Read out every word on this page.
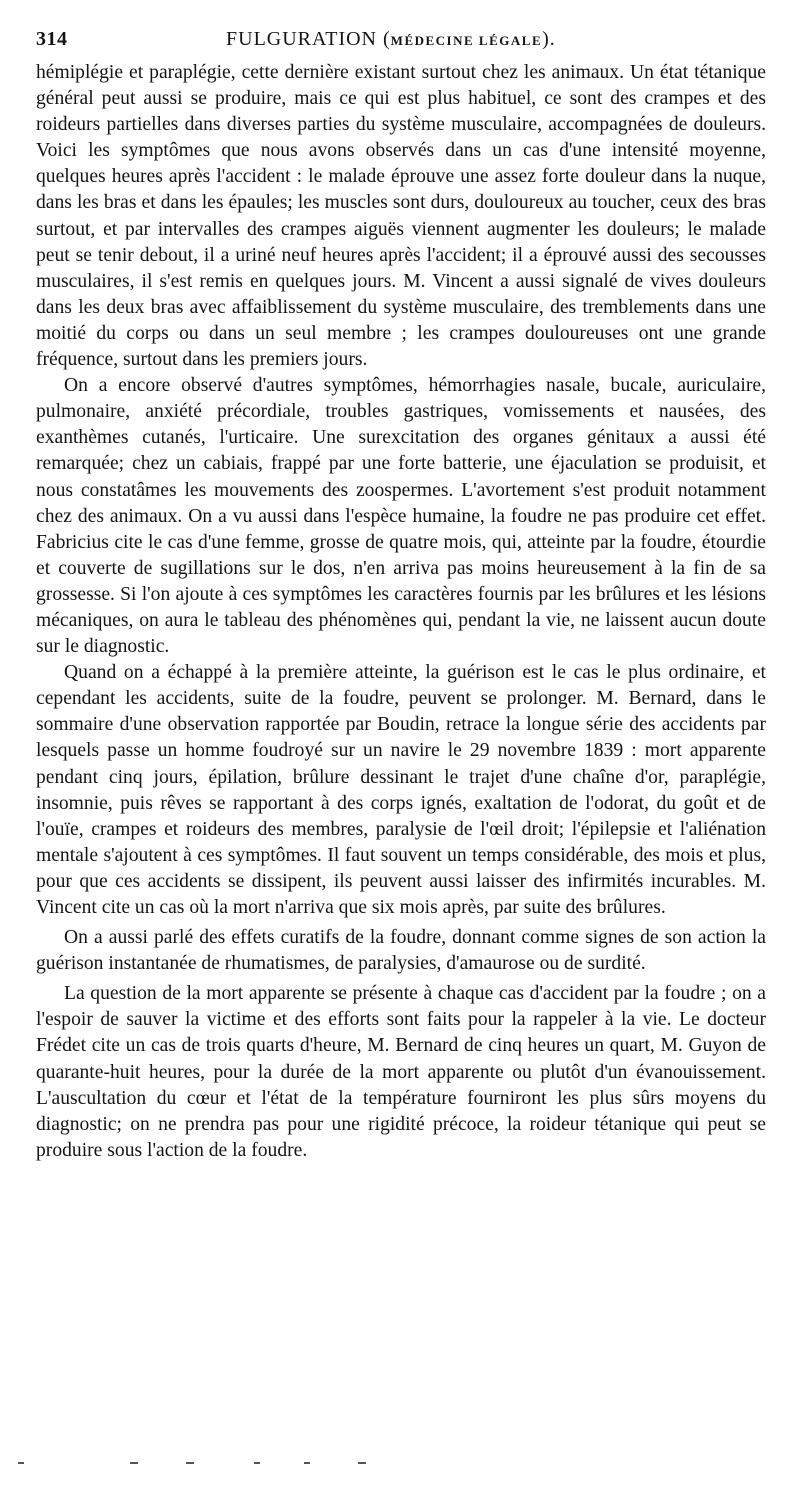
314	FULGURATION (MÉDECINE LÉGALE).

hémiplégie et paraplégie, cette dernière existant surtout chez les animaux. Un état tétanique général peut aussi se produire, mais ce qui est plus habituel, ce sont des crampes et des roideurs partielles dans diverses parties du système musculaire, accompagnées de douleurs. Voici les symptômes que nous avons observés dans un cas d'une intensité moyenne, quelques heures après l'accident : le malade éprouve une assez forte douleur dans la nuque, dans les bras et dans les épaules; les muscles sont durs, douloureux au toucher, ceux des bras surtout, et par intervalles des crampes aiguës viennent augmenter les douleurs; le malade peut se tenir debout, il a uriné neuf heures après l'accident; il a éprouvé aussi des secousses musculaires, il s'est remis en quelques jours. M. Vincent a aussi signalé de vives douleurs dans les deux bras avec affaiblissement du système musculaire, des tremblements dans une moitié du corps ou dans un seul membre ; les crampes douloureuses ont une grande fréquence, surtout dans les premiers jours.

On a encore observé d'autres symptômes, hémorrhagies nasale, bucale, auriculaire, pulmonaire, anxiété précordiale, troubles gastriques, vomissements et nausées, des exanthèmes cutanés, l'urticaire. Une surexcitation des organes génitaux a aussi été remarquée; chez un cabiais, frappé par une forte batterie, une éjaculation se produisit, et nous constatâmes les mouvements des zoospermes. L'avortement s'est produit notamment chez des animaux. On a vu aussi dans l'espèce humaine, la foudre ne pas produire cet effet. Fabricius cite le cas d'une femme, grosse de quatre mois, qui, atteinte par la foudre, étourdie et couverte de sugillations sur le dos, n'en arriva pas moins heureusement à la fin de sa grossesse. Si l'on ajoute à ces symptômes les caractères fournis par les brûlures et les lésions mécaniques, on aura le tableau des phénomènes qui, pendant la vie, ne laissent aucun doute sur le diagnostic.

Quand on a échappé à la première atteinte, la guérison est le cas le plus ordinaire, et cependant les accidents, suite de la foudre, peuvent se prolonger. M. Bernard, dans le sommaire d'une observation rapportée par Boudin, retrace la longue série des accidents par lesquels passe un homme foudroyé sur un navire le 29 novembre 1839 : mort apparente pendant cinq jours, épilation, brûlure dessinant le trajet d'une chaîne d'or, paraplégie, insomnie, puis rêves se rapportant à des corps ignés, exaltation de l'odorat, du goût et de l'ouïe, crampes et roideurs des membres, paralysie de l'œil droit; l'épilepsie et l'aliénation mentale s'ajoutent à ces symptômes. Il faut souvent un temps considérable, des mois et plus, pour que ces accidents se dissipent, ils peuvent aussi laisser des infirmités incurables. M. Vincent cite un cas où la mort n'arriva que six mois après, par suite des brûlures.

On a aussi parlé des effets curatifs de la foudre, donnant comme signes de son action la guérison instantanée de rhumatismes, de paralysies, d'amaurose ou de surdité.

La question de la mort apparente se présente à chaque cas d'accident par la foudre ; on a l'espoir de sauver la victime et des efforts sont faits pour la rappeler à la vie. Le docteur Frédet cite un cas de trois quarts d'heure, M. Bernard de cinq heures un quart, M. Guyon de quarante-huit heures, pour la durée de la mort apparente ou plutôt d'un évanouissement. L'auscultation du cœur et l'état de la température fourniront les plus sûrs moyens du diagnostic; on ne prendra pas pour une rigidité précoce, la roideur tétanique qui peut se produire sous l'action de la foudre.
